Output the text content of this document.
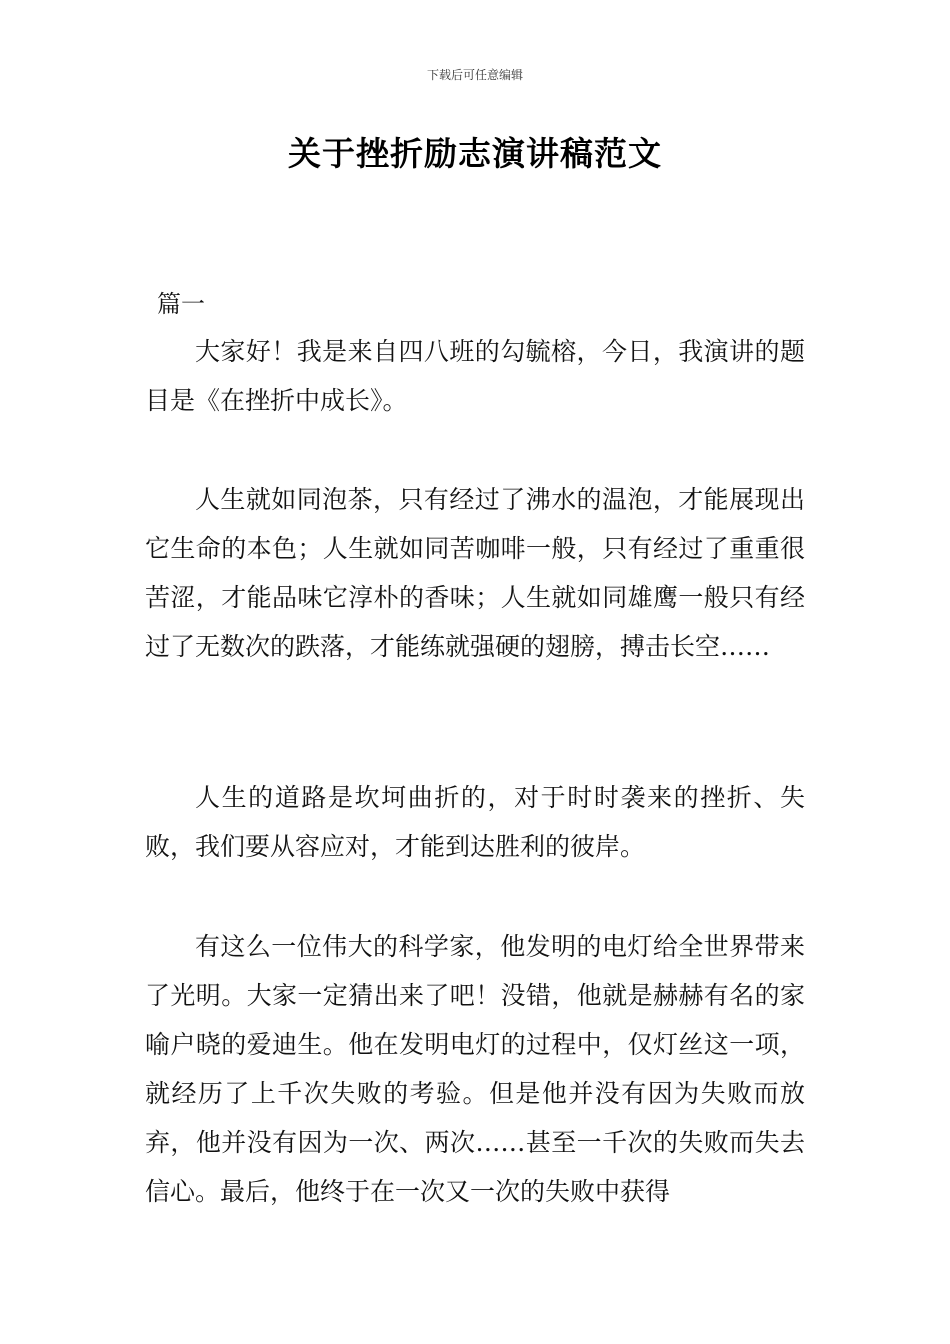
下载后可任意编辑
关于挫折励志演讲稿范文
篇一

大家好！我是来自四八班的勾毓榕，今日，我演讲的题目是《在挫折中成长》。

人生就如同泡茶，只有经过了沸水的温泡，才能展现出它生命的本色；人生就如同苦咖啡一般，只有经过了重重很苦涩，才能品味它淳朴的香味；人生就如同雄鹰一般只有经过了无数次的跌落，才能练就强硬的翅膀，搏击长空……

人生的道路是坎坷曲折的，对于时时袭来的挫折、失败，我们要从容应对，才能到达胜利的彼岸。

有这么一位伟大的科学家，他发明的电灯给全世界带来了光明。大家一定猜出来了吧！没错，他就是赫赫有名的家喻户晓的爱迪生。他在发明电灯的过程中，仅灯丝这一项，就经历了上千次失败的考验。但是他并没有因为失败而放弃，他并没有因为一次、两次……甚至一千次的失败而失去信心。最后，他终于在一次又一次的失败中获得
